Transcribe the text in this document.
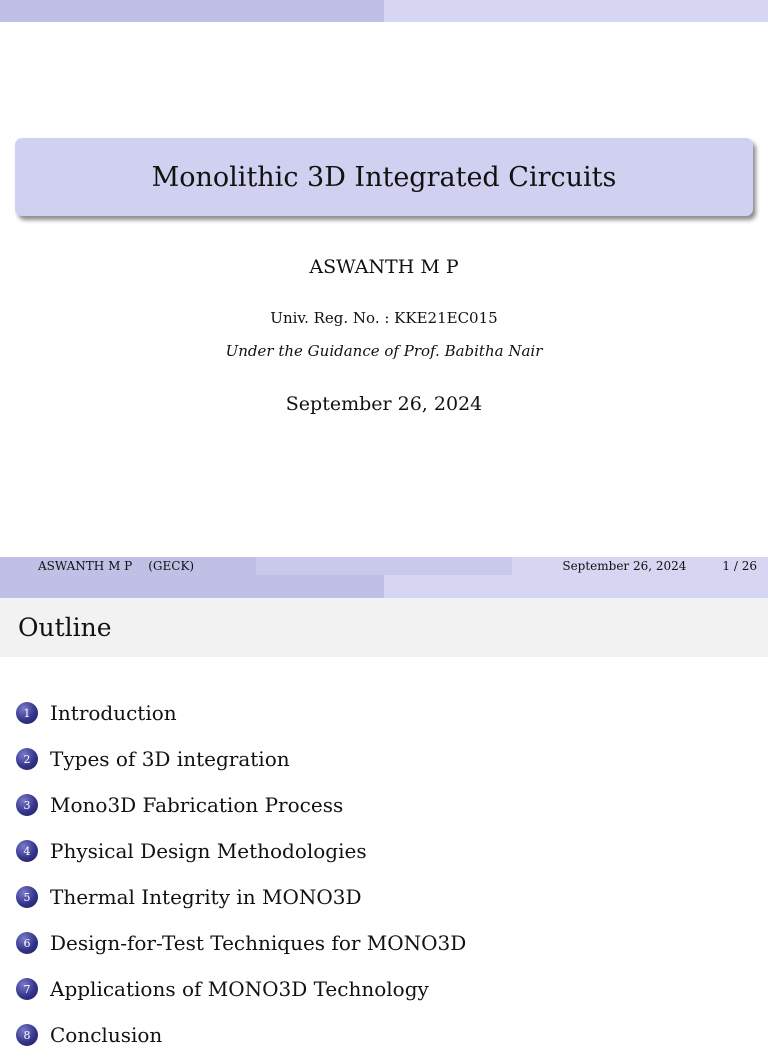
Monolithic 3D Integrated Circuits
ASWANTH M P
Univ. Reg. No. : KKE21EC015
Under the Guidance of Prof. Babitha Nair
September 26, 2024
ASWANTH M P (GECK)	September 26, 2024	1 / 26
Outline
1 Introduction
2 Types of 3D integration
3 Mono3D Fabrication Process
4 Physical Design Methodologies
5 Thermal Integrity in MONO3D
6 Design-for-Test Techniques for MONO3D
7 Applications of MONO3D Technology
8 Conclusion
